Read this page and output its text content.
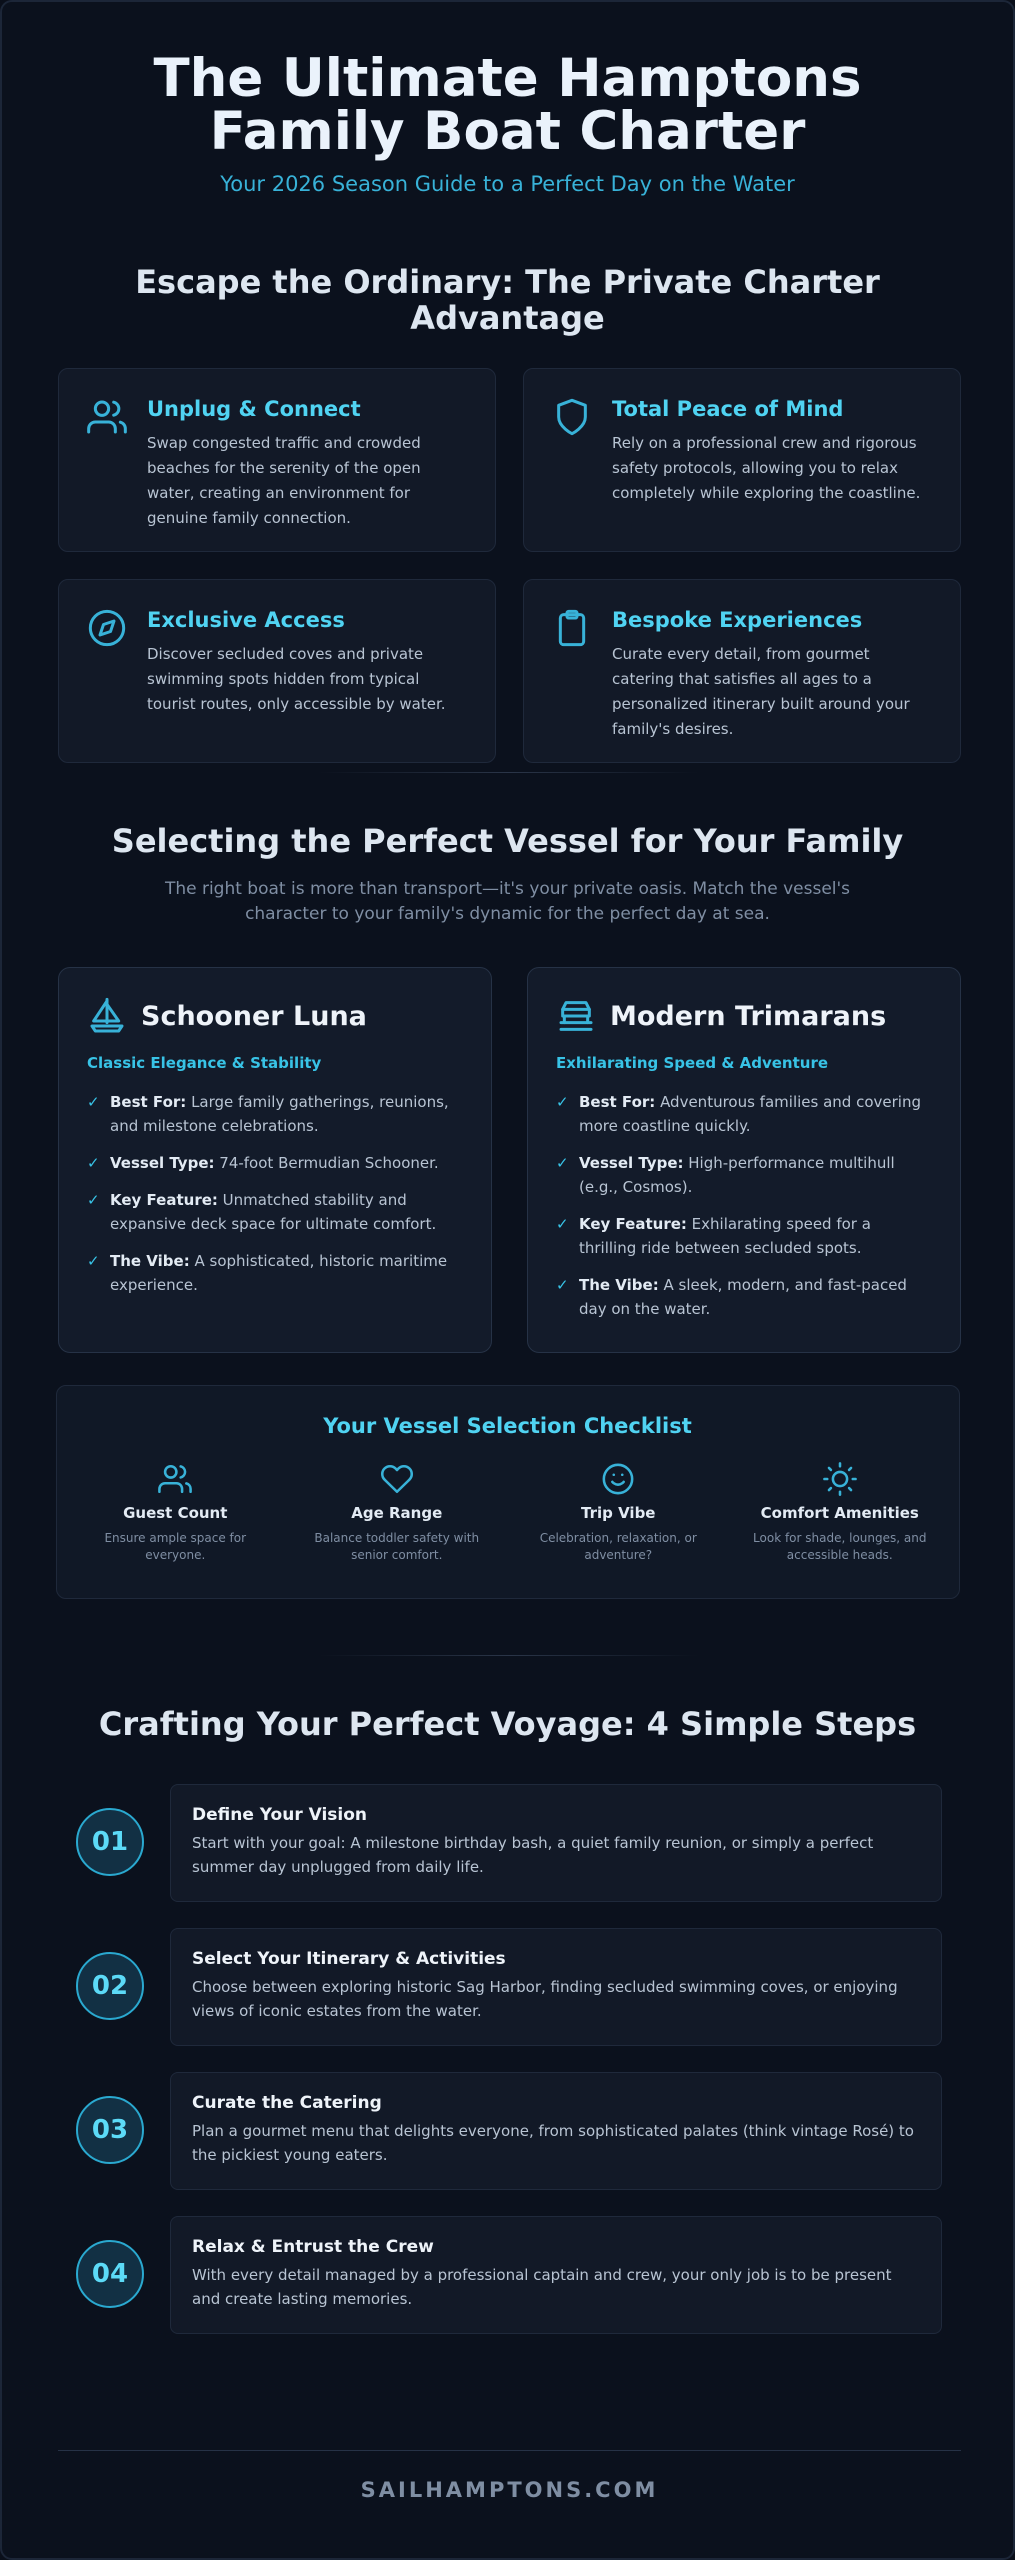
The Ultimate Hamptons Family Boat Charter
Your 2026 Season Guide to a Perfect Day on the Water
Escape the Ordinary: The Private Charter Advantage
Unplug & Connect

Swap congested traffic and crowded beaches for the serenity of the open water, creating an environment for genuine family connection.

Total Peace of Mind

Rely on a professional crew and rigorous safety protocols, allowing you to relax completely while exploring the coastline.

Exclusive Access

Discover secluded coves and private swimming spots hidden from typical tourist routes, only accessible by water.

Bespoke Experiences

Curate every detail, from gourmet catering that satisfies all ages to a personalized itinerary built around your family's desires.

Selecting the Perfect Vessel for Your Family

The right boat is more than transport—it's your private oasis. Match the vessel's character to your family's dynamic for the perfect day at sea.

Schooner Luna
Classic Elegance & Stability
✓ Best For: Large family gatherings, reunions, and milestone celebrations.
✓ Vessel Type: 74-foot Bermudian Schooner.
✓ Key Feature: Unmatched stability and expansive deck space for ultimate comfort.
✓ The Vibe: A sophisticated, historic maritime experience.
Modern Trimarans
Exhilarating Speed & Adventure
✓ Best For: Adventurous families and covering more coastline quickly.
✓ Vessel Type: High-performance multihull (e.g., Cosmos).
✓ Key Feature: Exhilarating speed for a thrilling ride between secluded spots.
✓ The Vibe: A sleek, modern, and fast-paced day on the water.
Your Vessel Selection Checklist
Guest Count
Ensure ample space for everyone.
Age Range
Balance toddler safety with senior comfort.
Trip Vibe
Celebration, relaxation, or adventure?
Comfort Amenities
Look for shade, lounges, and accessible heads.
Crafting Your Perfect Voyage: 4 Simple Steps
01
Define Your Vision

Start with your goal: A milestone birthday bash, a quiet family reunion, or simply a perfect summer day unplugged from daily life.

02
Select Your Itinerary & Activities

Choose between exploring historic Sag Harbor, finding secluded swimming coves, or enjoying views of iconic estates from the water.

03
Curate the Catering

Plan a gourmet menu that delights everyone, from sophisticated palates (think vintage Rosé) to the pickiest young eaters.

04
Relax & Entrust the Crew

With every detail managed by a professional captain and crew, your only job is to be present and create lasting memories.

SAILHAMPTONS.COM
